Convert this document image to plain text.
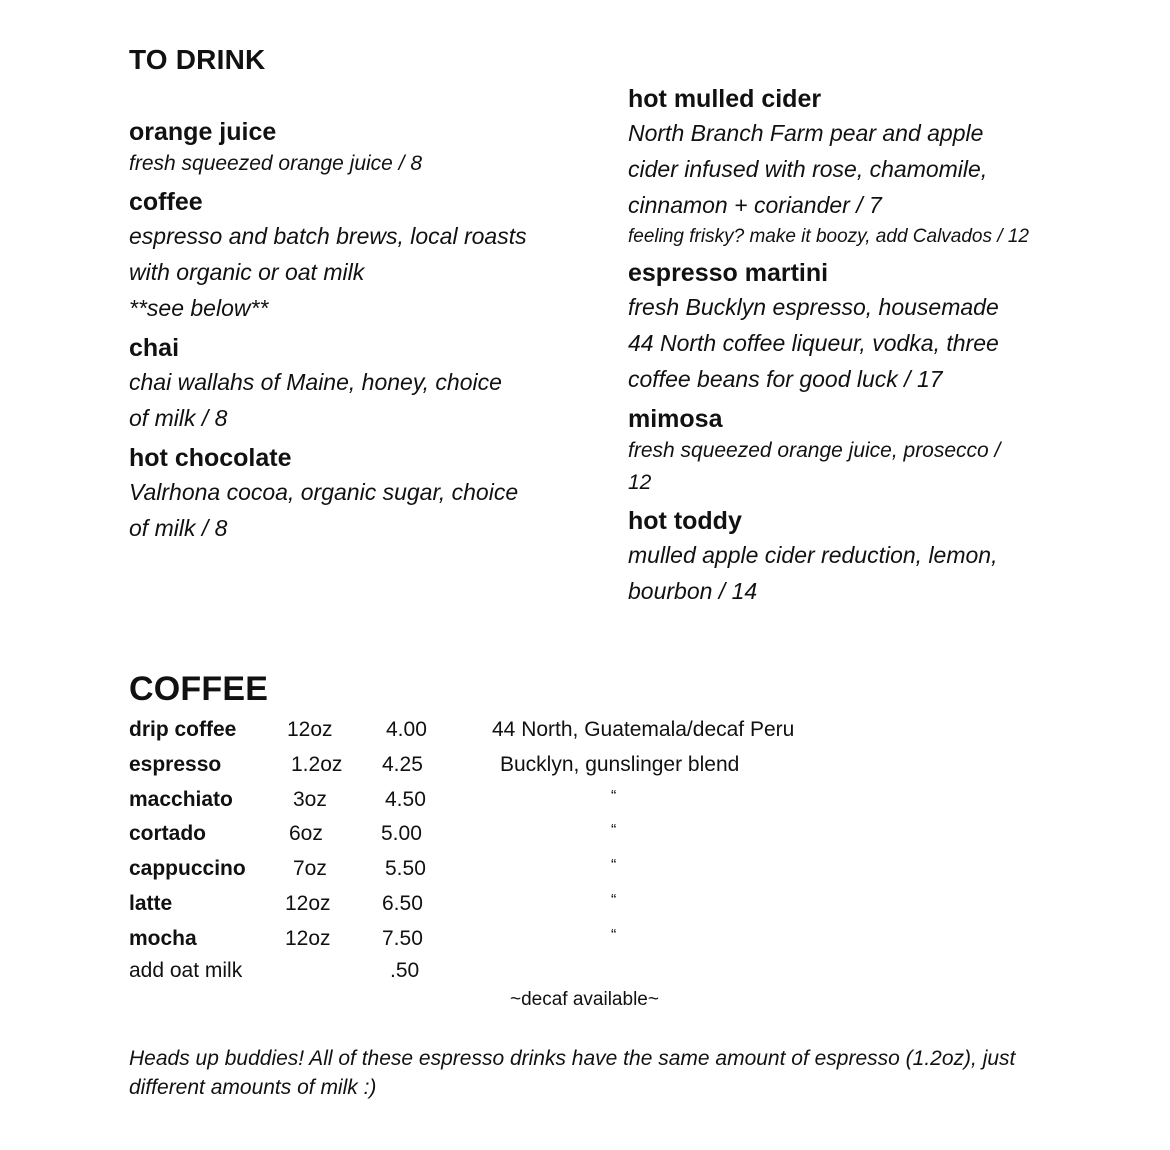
TO DRINK
orange juice
fresh squeezed orange juice / 8
coffee
espresso and batch brews, local roasts
with organic or oat milk
**see below**
chai
chai wallahs of Maine, honey, choice
of milk / 8
hot chocolate
Valrhona cocoa, organic sugar, choice
of milk / 8
hot mulled cider
North Branch Farm pear and apple
cider infused with rose, chamomile,
cinnamon + coriander / 7
feeling frisky? make it boozy, add Calvados / 12
espresso martini
fresh Bucklyn espresso, housemade
44 North coffee liqueur, vodka, three
coffee beans for good luck / 17
mimosa
fresh squeezed orange juice, prosecco /
12
hot toddy
mulled apple cider reduction, lemon,
bourbon / 14
COFFEE
drip coffee 12oz	4.00	44 North, Guatemala/decaf Peru
espresso	1.2oz 4.25	Bucklyn, gunslinger blend
macchiato	3oz	4.50	“
cortado	6oz	5.00	“
cappuccino 7oz	5.50	“
latte	12oz 6.50	“
mocha	12oz 7.50	“
add oat milk	.50
~decaf available~
Heads up buddies! All of these espresso drinks have the same amount of espresso (1.2oz), just
different amounts of milk :)
